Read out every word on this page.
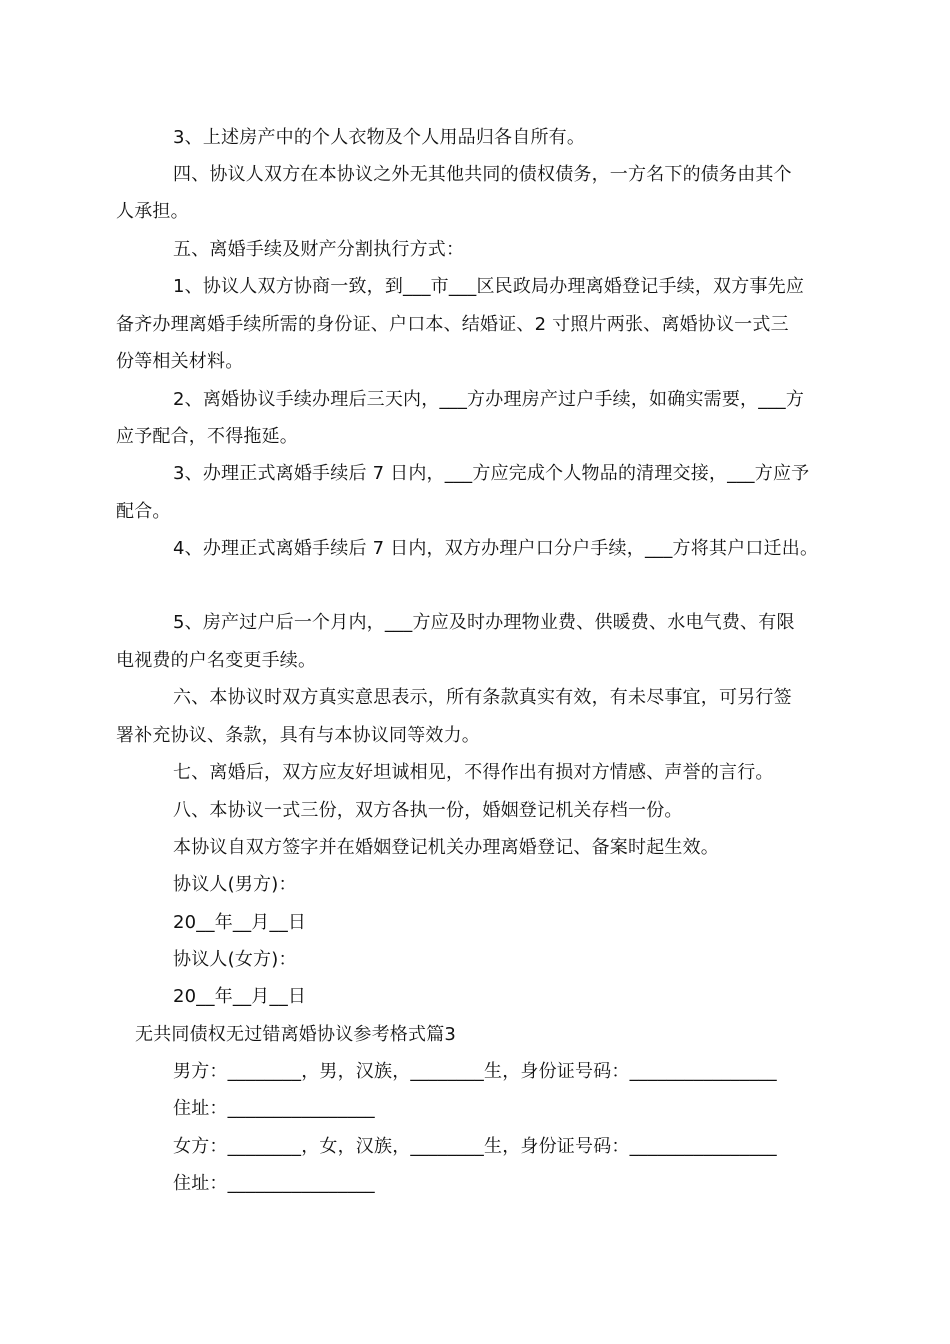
3、上述房产中的个人衣物及个人用品归各自所有。
四、协议人双方在本协议之外无其他共同的债权债务，一方名下的债务由其个
人承担。
五、离婚手续及财产分割执行方式：
1、协议人双方协商一致，到___市___区民政局办理离婚登记手续，双方事先应
备齐办理离婚手续所需的身份证、户口本、结婚证、2 寸照片两张、离婚协议一式三
份等相关材料。
2、离婚协议手续办理后三天内，___方办理房产过户手续，如确实需要，___方
应予配合，不得拖延。
3、办理正式离婚手续后 7 日内，___方应完成个人物品的清理交接，___方应予
配合。
4、办理正式离婚手续后 7 日内，双方办理户口分户手续，___方将其户口迁出。
5、房产过户后一个月内，___方应及时办理物业费、供暖费、水电气费、有限
电视费的户名变更手续。
六、本协议时双方真实意思表示，所有条款真实有效，有未尽事宜，可另行签
署补充协议、条款，具有与本协议同等效力。
七、离婚后，双方应友好坦诚相见，不得作出有损对方情感、声誉的言行。
八、本协议一式三份，双方各执一份，婚姻登记机关存档一份。
本协议自双方签字并在婚姻登记机关办理离婚登记、备案时起生效。
协议人(男方)：
20__年__月__日
协议人(女方)：
20__年__月__日
无共同债权无过错离婚协议参考格式篇3
男方：________，男，汉族，________生，身份证号码：________________
住址：________________
女方：________，女，汉族，________生，身份证号码：________________
住址：________________
